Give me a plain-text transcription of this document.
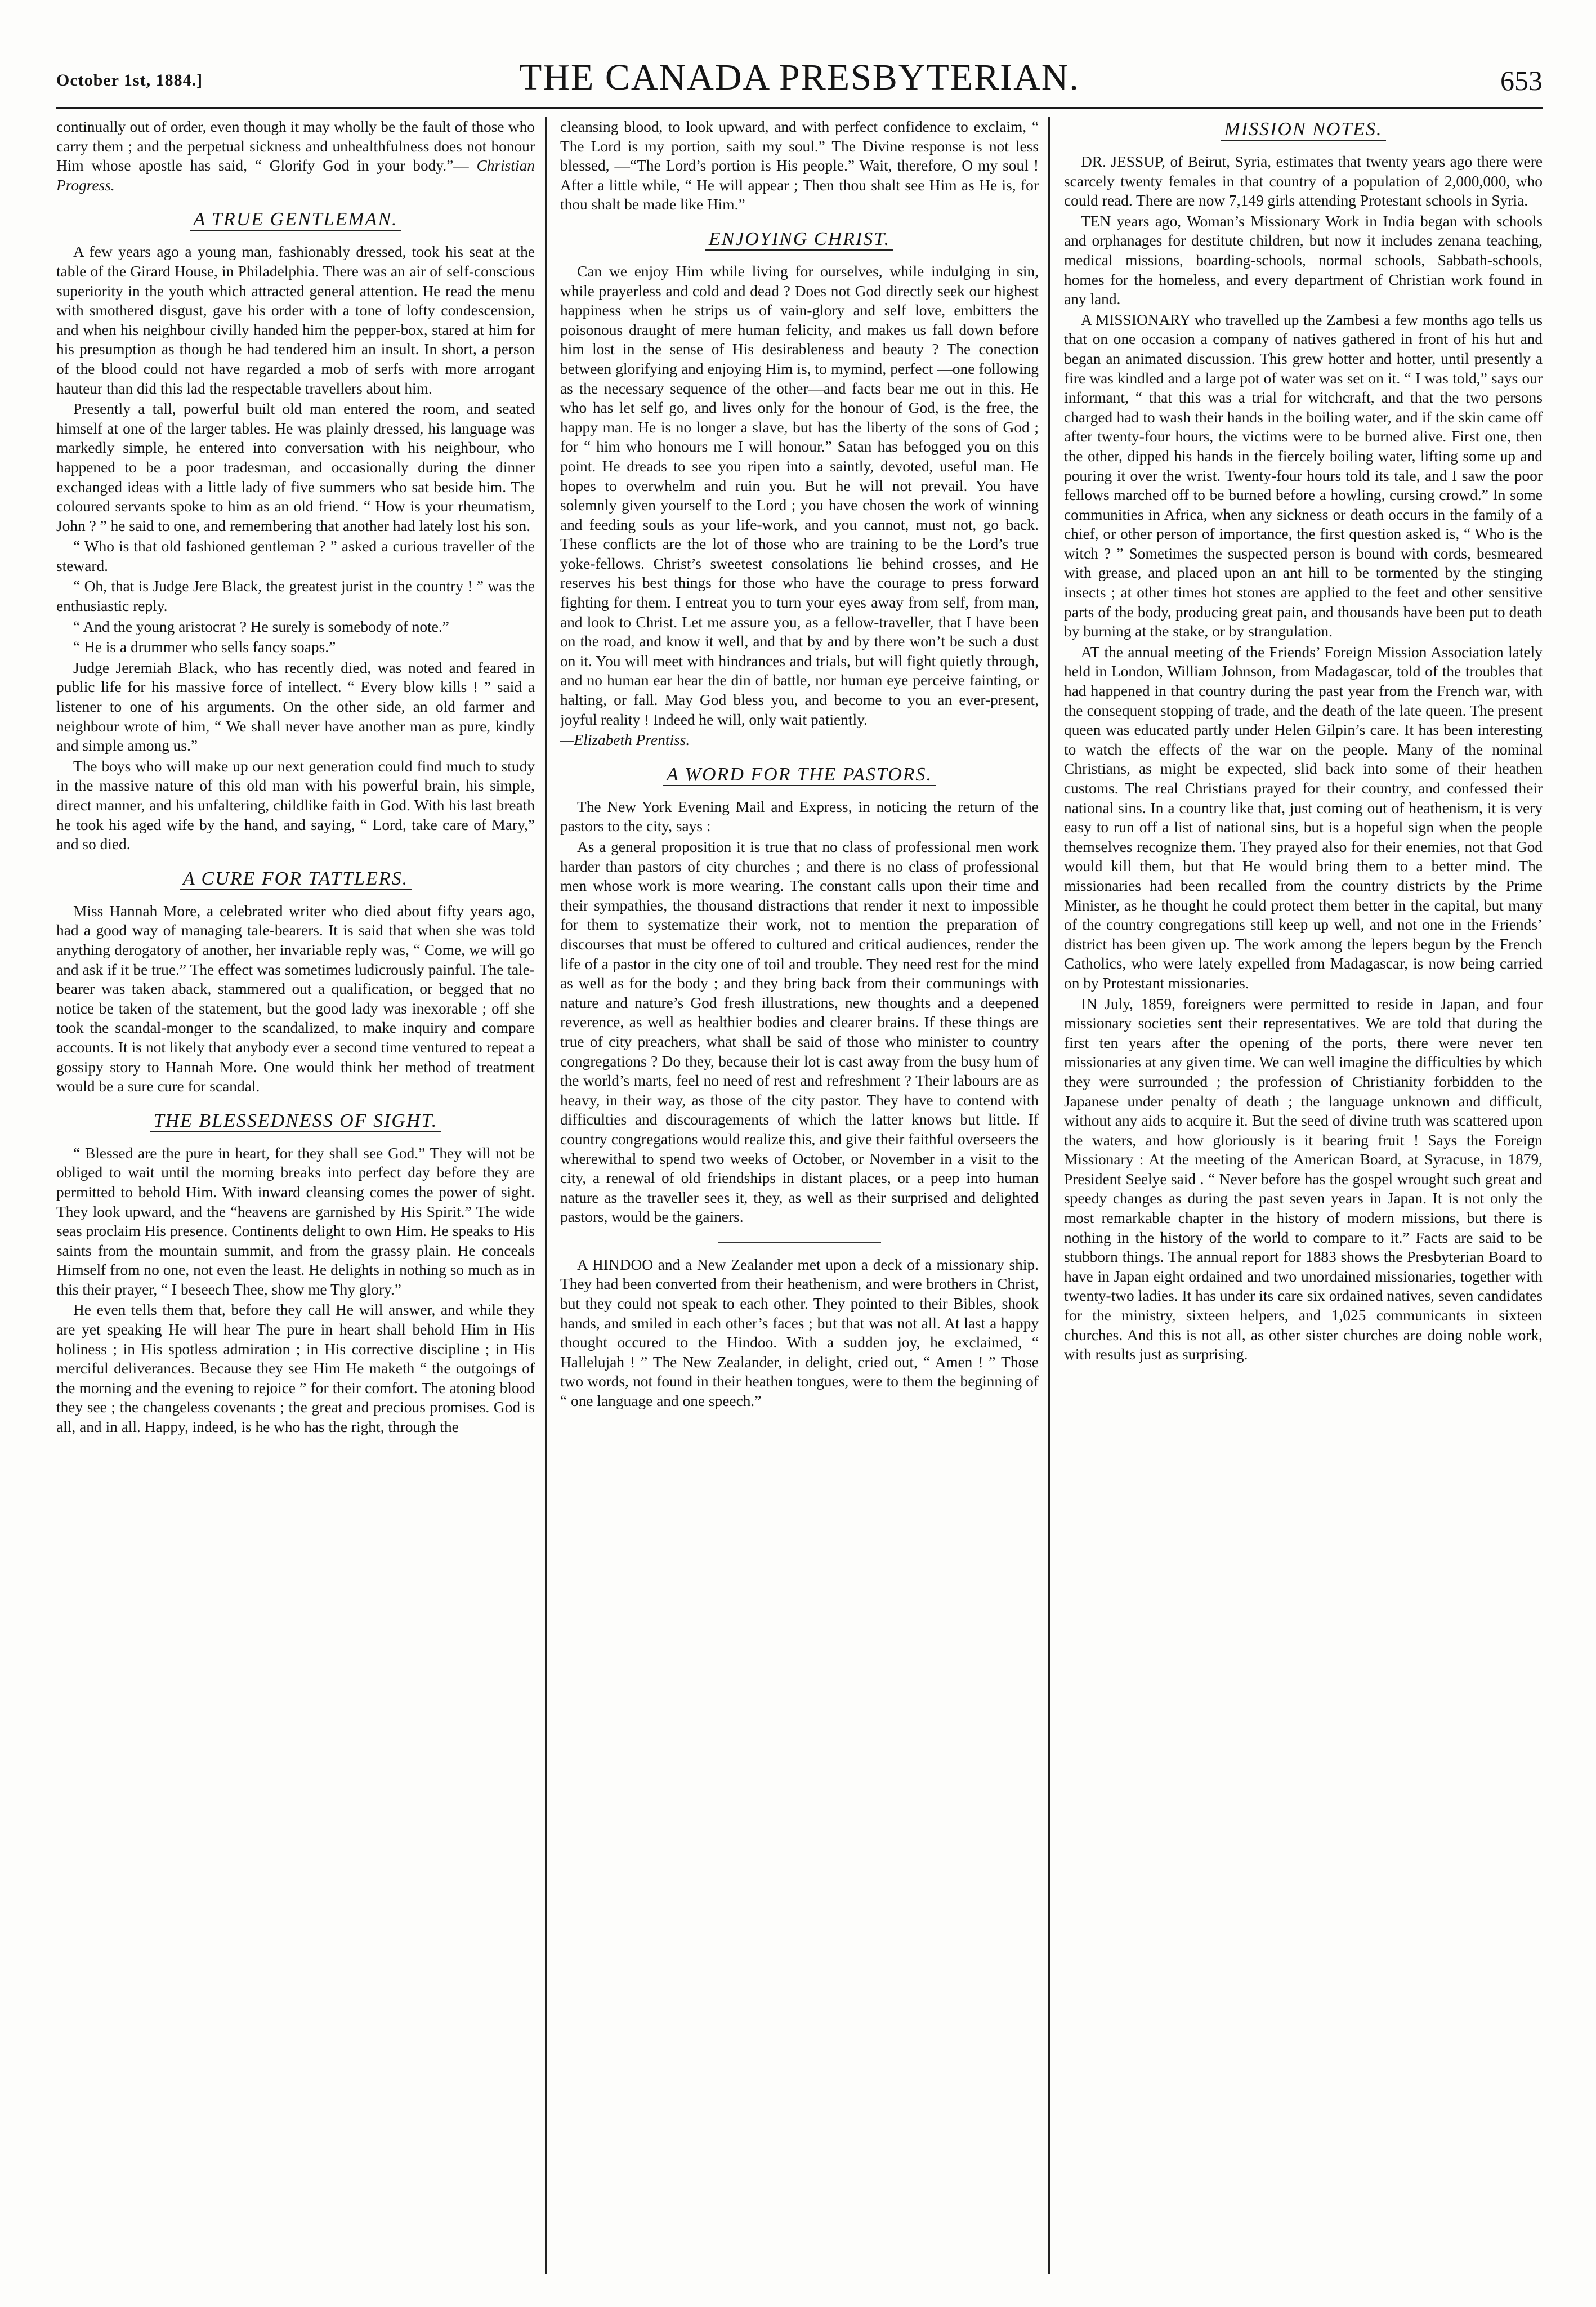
October 1st, 1884.]	THE CANADA PRESBYTERIAN.	653

continually out of order, even though it may wholly be the fault of those who carry them ; and the perpetual sickness and unhealthfulness does not honour Him whose apostle has said, “ Glorify God in your body.”— Christian Progress.

A TRUE GENTLEMAN.

A few years ago a young man, fashionably dressed, took his seat at the table of the Girard House, in Philadelphia. There was an air of self-conscious superiority in the youth which attracted general attention. He read the menu with smothered disgust, gave his order with a tone of lofty condescension, and when his neighbour civilly handed him the pepper-box, stared at him for his presumption as though he had tendered him an insult. In short, a person of the blood could not have regarded a mob of serfs with more arrogant hauteur than did this lad the respectable travellers about him.

Presently a tall, powerful built old man entered the room, and seated himself at one of the larger tables. He was plainly dressed, his language was markedly simple, he entered into conversation with his neighbour, who happened to be a poor tradesman, and occasionally during the dinner exchanged ideas with a little lady of five summers who sat beside him. The coloured servants spoke to him as an old friend. “ How is your rheumatism, John ? ” he said to one, and remembering that another had lately lost his son.

“ Who is that old fashioned gentleman ? ” asked a curious traveller of the steward.

“ Oh, that is Judge Jere Black, the greatest jurist in the country ! ” was the enthusiastic reply.

“ And the young aristocrat ? He surely is somebody of note.”

“ He is a drummer who sells fancy soaps.”

Judge Jeremiah Black, who has recently died, was noted and feared in public life for his massive force of intellect. “ Every blow kills ! ” said a listener to one of his arguments. On the other side, an old farmer and neighbour wrote of him, “ We shall never have another man as pure, kindly and simple among us.”

The boys who will make up our next generation could find much to study in the massive nature of this old man with his powerful brain, his simple, direct manner, and his unfaltering, childlike faith in God. With his last breath he took his aged wife by the hand, and saying, “ Lord, take care of Mary,” and so died.

A CURE FOR TATTLERS.

Miss Hannah More, a celebrated writer who died about fifty years ago, had a good way of managing tale-bearers. It is said that when she was told anything derogatory of another, her invariable reply was, “ Come, we will go and ask if it be true.” The effect was sometimes ludicrously painful. The tale-bearer was taken aback, stammered out a qualification, or begged that no notice be taken of the statement, but the good lady was inexorable ; off she took the scandal-monger to the scandalized, to make inquiry and compare accounts. It is not likely that anybody ever a second time ventured to repeat a gossipy story to Hannah More. One would think her method of treatment would be a sure cure for scandal.

THE BLESSEDNESS OF SIGHT.

“ Blessed are the pure in heart, for they shall see God.” They will not be obliged to wait until the morning breaks into perfect day before they are permitted to behold Him. With inward cleansing comes the power of sight. They look upward, and the “heavens are garnished by His Spirit.” The wide seas proclaim His presence. Continents delight to own Him. He speaks to His saints from the mountain summit, and from the grassy plain. He conceals Himself from no one, not even the least. He delights in nothing so much as in this their prayer, “ I beseech Thee, show me Thy glory.”

He even tells them that, before they call He will answer, and while they are yet speaking He will hear The pure in heart shall behold Him in His holiness ; in His spotless admiration ; in His corrective discipline ; in His merciful deliverances. Because they see Him He maketh “ the outgoings of the morning and the evening to rejoice ” for their comfort. The atoning blood they see ; the changeless covenants ; the great and precious promises. God is all, and in all. Happy, indeed, is he who has the right, through the

cleansing blood, to look upward, and with perfect confidence to exclaim, “ The Lord is my portion, saith my soul.” The Divine response is not less blessed, —“The Lord’s portion is His people.” Wait, therefore, O my soul ! After a little while, “ He will appear ; Then thou shalt see Him as He is, for thou shalt be made like Him.”

ENJOYING CHRIST.

Can we enjoy Him while living for ourselves, while indulging in sin, while prayerless and cold and dead ? Does not God directly seek our highest happiness when he strips us of vain-glory and self love, embitters the poisonous draught of mere human felicity, and makes us fall down before him lost in the sense of His desirableness and beauty ? The conection between glorifying and enjoying Him is, to mymind, perfect —one following as the necessary sequence of the other—and facts bear me out in this. He who has let self go, and lives only for the honour of God, is the free, the happy man. He is no longer a slave, but has the liberty of the sons of God ; for “ him who honours me I will honour.” Satan has befogged you on this point. He dreads to see you ripen into a saintly, devoted, useful man. He hopes to overwhelm and ruin you. But he will not prevail. You have solemnly given yourself to the Lord ; you have chosen the work of winning and feeding souls as your life-work, and you cannot, must not, go back. These conflicts are the lot of those who are training to be the Lord’s true yoke-fellows. Christ’s sweetest consolations lie behind crosses, and He reserves his best things for those who have the courage to press forward fighting for them. I entreat you to turn your eyes away from self, from man, and look to Christ. Let me assure you, as a fellow-traveller, that I have been on the road, and know it well, and that by and by there won’t be such a dust on it. You will meet with hindrances and trials, but will fight quietly through, and no human ear hear the din of battle, nor human eye perceive fainting, or halting, or fall. May God bless you, and become to you an ever-present, joyful reality ! Indeed he will, only wait patiently.

—Elizabeth Prentiss.

A WORD FOR THE PASTORS.

The New York Evening Mail and Express, in noticing the return of the pastors to the city, says :

As a general proposition it is true that no class of professional men work harder than pastors of city churches ; and there is no class of professional men whose work is more wearing. The constant calls upon their time and their sympathies, the thousand distractions that render it next to impossible for them to systematize their work, not to mention the preparation of discourses that must be offered to cultured and critical audiences, render the life of a pastor in the city one of toil and trouble. They need rest for the mind as well as for the body ; and they bring back from their communings with nature and nature’s God fresh illustrations, new thoughts and a deepened reverence, as well as healthier bodies and clearer brains. If these things are true of city preachers, what shall be said of those who minister to country congregations ? Do they, because their lot is cast away from the busy hum of the world’s marts, feel no need of rest and refreshment ? Their labours are as heavy, in their way, as those of the city pastor. They have to contend with difficulties and discouragements of which the latter knows but little. If country congregations would realize this, and give their faithful overseers the wherewithal to spend two weeks of October, or November in a visit to the city, a renewal of old friendships in distant places, or a peep into human nature as the traveller sees it, they, as well as their surprised and delighted pastors, would be the gainers.

A HINDOO and a New Zealander met upon a deck of a missionary ship. They had been converted from their heathenism, and were brothers in Christ, but they could not speak to each other. They pointed to their Bibles, shook hands, and smiled in each other’s faces ; but that was not all. At last a happy thought occured to the Hindoo. With a sudden joy, he exclaimed, “ Hallelujah ! ” The New Zealander, in delight, cried out, “ Amen ! ” Those two words, not found in their heathen tongues, were to them the beginning of “ one language and one speech.”

MISSION NOTES.

DR. JESSUP, of Beirut, Syria, estimates that twenty years ago there were scarcely twenty females in that country of a population of 2,000,000, who could read. There are now 7,149 girls attending Protestant schools in Syria.

TEN years ago, Woman’s Missionary Work in India began with schools and orphanages for destitute children, but now it includes zenana teaching, medical missions, boarding-schools, normal schools, Sabbath-schools, homes for the homeless, and every department of Christian work found in any land.

A MISSIONARY who travelled up the Zambesi a few months ago tells us that on one occasion a company of natives gathered in front of his hut and began an animated discussion. This grew hotter and hotter, until presently a fire was kindled and a large pot of water was set on it. “ I was told,” says our informant, “ that this was a trial for witchcraft, and that the two persons charged had to wash their hands in the boiling water, and if the skin came off after twenty-four hours, the victims were to be burned alive. First one, then the other, dipped his hands in the fiercely boiling water, lifting some up and pouring it over the wrist. Twenty-four hours told its tale, and I saw the poor fellows marched off to be burned before a howling, cursing crowd.” In some communities in Africa, when any sickness or death occurs in the family of a chief, or other person of importance, the first question asked is, “ Who is the witch ? ” Sometimes the suspected person is bound with cords, besmeared with grease, and placed upon an ant hill to be tormented by the stinging insects ; at other times hot stones are applied to the feet and other sensitive parts of the body, producing great pain, and thousands have been put to death by burning at the stake, or by strangulation.

AT the annual meeting of the Friends’ Foreign Mission Association lately held in London, William Johnson, from Madagascar, told of the troubles that had happened in that country during the past year from the French war, with the consequent stopping of trade, and the death of the late queen. The present queen was educated partly under Helen Gilpin’s care. It has been interesting to watch the effects of the war on the people. Many of the nominal Christians, as might be expected, slid back into some of their heathen customs. The real Christians prayed for their country, and confessed their national sins. In a country like that, just coming out of heathenism, it is very easy to run off a list of national sins, but is a hopeful sign when the people themselves recognize them. They prayed also for their enemies, not that God would kill them, but that He would bring them to a better mind. The missionaries had been recalled from the country districts by the Prime Minister, as he thought he could protect them better in the capital, but many of the country congregations still keep up well, and not one in the Friends’ district has been given up. The work among the lepers begun by the French Catholics, who were lately expelled from Madagascar, is now being carried on by Protestant missionaries.

IN July, 1859, foreigners were permitted to reside in Japan, and four missionary societies sent their representatives. We are told that during the first ten years after the opening of the ports, there were never ten missionaries at any given time. We can well imagine the difficulties by which they were surrounded ; the profession of Christianity forbidden to the Japanese under penalty of death ; the language unknown and difficult, without any aids to acquire it. But the seed of divine truth was scattered upon the waters, and how gloriously is it bearing fruit ! Says the Foreign Missionary : At the meeting of the American Board, at Syracuse, in 1879, President Seelye said . “ Never before has the gospel wrought such great and speedy changes as during the past seven years in Japan. It is not only the most remarkable chapter in the history of modern missions, but there is nothing in the history of the world to compare to it.” Facts are said to be stubborn things. The annual report for 1883 shows the Presbyterian Board to have in Japan eight ordained and two unordained missionaries, together with twenty-two ladies. It has under its care six ordained natives, seven candidates for the ministry, sixteen helpers, and 1,025 communicants in sixteen churches. And this is not all, as other sister churches are doing noble work, with results just as surprising.
